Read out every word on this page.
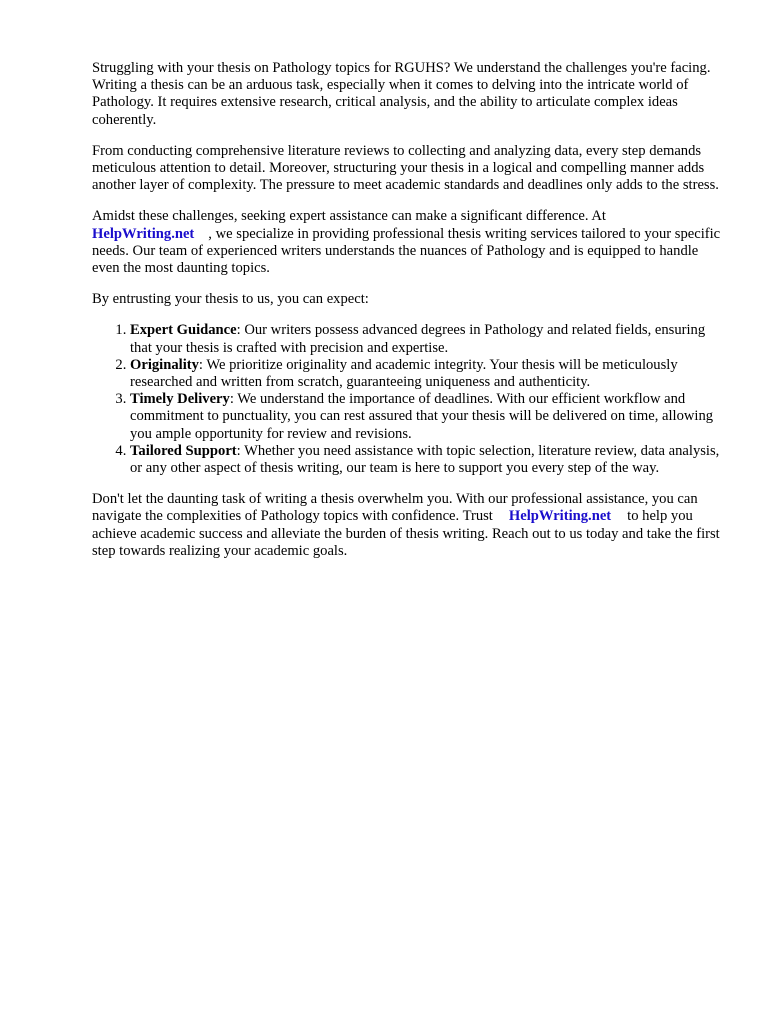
Struggling with your thesis on Pathology topics for RGUHS? We understand the challenges you're facing. Writing a thesis can be an arduous task, especially when it comes to delving into the intricate world of Pathology. It requires extensive research, critical analysis, and the ability to articulate complex ideas coherently.

From conducting comprehensive literature reviews to collecting and analyzing data, every step demands meticulous attention to detail. Moreover, structuring your thesis in a logical and compelling manner adds another layer of complexity. The pressure to meet academic standards and deadlines only adds to the stress.

Amidst these challenges, seeking expert assistance can make a significant difference. At
HelpWriting.net , we specialize in providing professional thesis writing services tailored to your specific needs. Our team of experienced writers understands the nuances of Pathology and is equipped to handle even the most daunting topics.

By entrusting your thesis to us, you can expect:

1. Expert Guidance: Our writers possess advanced degrees in Pathology and related fields, ensuring that your thesis is crafted with precision and expertise.
2. Originality: We prioritize originality and academic integrity. Your thesis will be meticulously researched and written from scratch, guaranteeing uniqueness and authenticity.
3. Timely Delivery: We understand the importance of deadlines. With our efficient workflow and commitment to punctuality, you can rest assured that your thesis will be delivered on time, allowing you ample opportunity for review and revisions.
4. Tailored Support: Whether you need assistance with topic selection, literature review, data analysis, or any other aspect of thesis writing, our team is here to support you every step of the way.

Don't let the daunting task of writing a thesis overwhelm you. With our professional assistance, you can navigate the complexities of Pathology topics with confidence. Trust HelpWriting.net to help you achieve academic success and alleviate the burden of thesis writing. Reach out to us today and take the first step towards realizing your academic goals.
